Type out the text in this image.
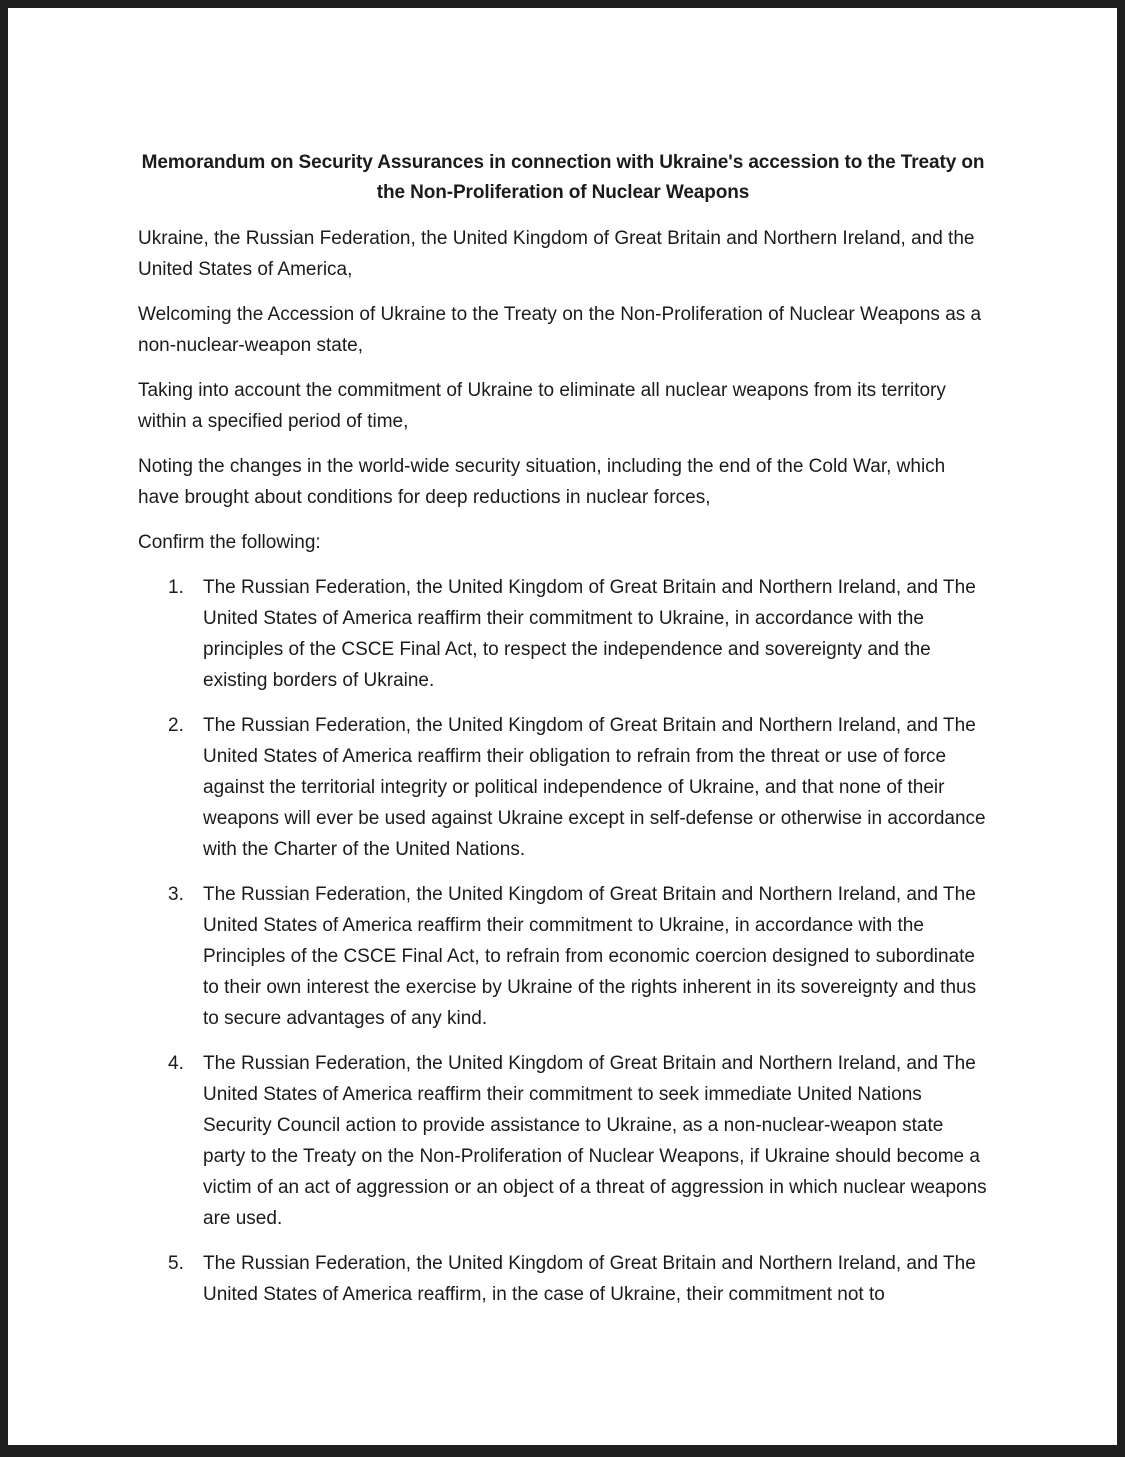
Memorandum on Security Assurances in connection with Ukraine's accession to the Treaty on
the Non-Proliferation of Nuclear Weapons

Ukraine, the Russian Federation, the United Kingdom of Great Britain and Northern Ireland, and the United States of America,

Welcoming the Accession of Ukraine to the Treaty on the Non-Proliferation of Nuclear Weapons as a non-nuclear-weapon state,

Taking into account the commitment of Ukraine to eliminate all nuclear weapons from its territory within a specified period of time,

Noting the changes in the world-wide security situation, including the end of the Cold War, which have brought about conditions for deep reductions in nuclear forces,

Confirm the following:

1. The Russian Federation, the United Kingdom of Great Britain and Northern Ireland, and The United States of America reaffirm their commitment to Ukraine, in accordance with the principles of the CSCE Final Act, to respect the independence and sovereignty and the existing borders of Ukraine.
2. The Russian Federation, the United Kingdom of Great Britain and Northern Ireland, and The United States of America reaffirm their obligation to refrain from the threat or use of force against the territorial integrity or political independence of Ukraine, and that none of their weapons will ever be used against Ukraine except in self-defense or otherwise in accordance with the Charter of the United Nations.
3. The Russian Federation, the United Kingdom of Great Britain and Northern Ireland, and The United States of America reaffirm their commitment to Ukraine, in accordance with the Principles of the CSCE Final Act, to refrain from economic coercion designed to subordinate to their own interest the exercise by Ukraine of the rights inherent in its sovereignty and thus to secure advantages of any kind.
4. The Russian Federation, the United Kingdom of Great Britain and Northern Ireland, and The United States of America reaffirm their commitment to seek immediate United Nations Security Council action to provide assistance to Ukraine, as a non-nuclear-weapon state party to the Treaty on the Non-Proliferation of Nuclear Weapons, if Ukraine should become a victim of an act of aggression or an object of a threat of aggression in which nuclear weapons are used.
5. The Russian Federation, the United Kingdom of Great Britain and Northern Ireland, and The United States of America reaffirm, in the case of Ukraine, their commitment not to
